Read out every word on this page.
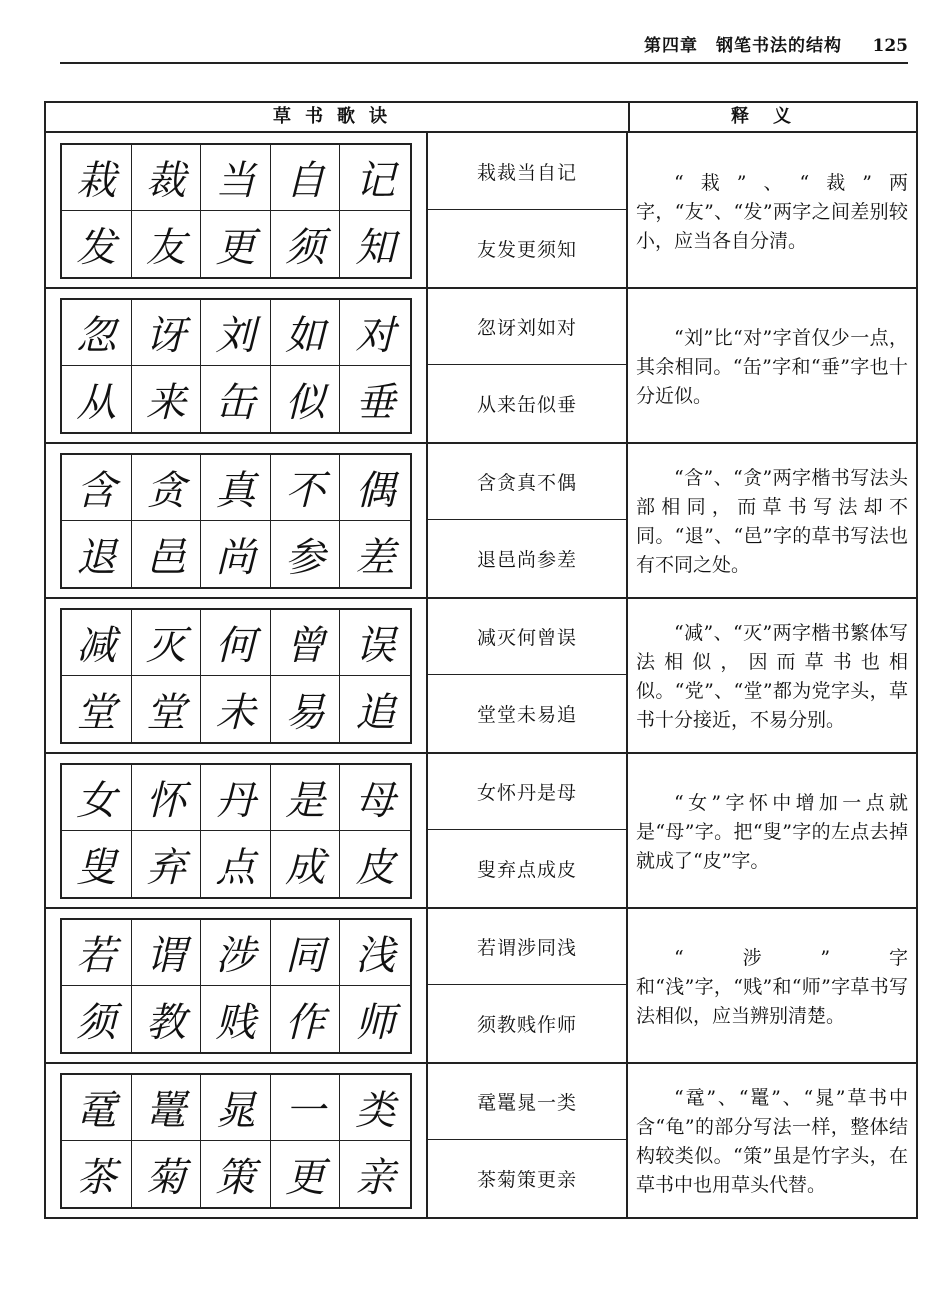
第四章　钢笔书法的结构 125
草书歌诀	释义
栽 裁 当 自 记
发 友 更 须 知
栽裁当自记
友发更须知

“栽”、“裁”两字，“友”、“发”两字之间差别较小，应当各自分清。

忽 讶 刘 如 对
从 来 缶 似 垂
忽讶刘如对
从来缶似垂

“刘”比“对”字首仅少一点，其余相同。“缶”字和“垂”字也十分近似。

含 贪 真 不 偶
退 邑 尚 参 差
含贪真不偶
退邑尚参差

“含”、“贪”两字楷书写法头部相同，而草书写法却不同。“退”、“邑”字的草书写法也有不同之处。

减 灭 何 曾 误
堂 堂 未 易 追
减灭何曾误
堂堂未易追

“减”、“灭”两字楷书繁体写法相似，因而草书也相似。“党”、“堂”都为党字头，草书十分接近，不易分别。

女 怀 丹 是 母
叟 弃 点 成 皮
女怀丹是母
叟弃点成皮

“女”字怀中增加一点就是“母”字。把“叟”字的左点去掉就成了“皮”字。

若 谓 涉 同 浅
须 教 贱 作 师
若谓涉同浅
须教贱作师

“涉”字和“浅”字，“贱”和“师”字草书写法相似，应当辨别清楚。

鼋 鼍 晁 一 类
茶 菊 策 更 亲
鼋鼍晁一类
茶菊策更亲

“鼋”、“鼍”、“晁”草书中含“龟”的部分写法一样，整体结构较类似。“策”虽是竹字头，在草书中也用草头代替。
